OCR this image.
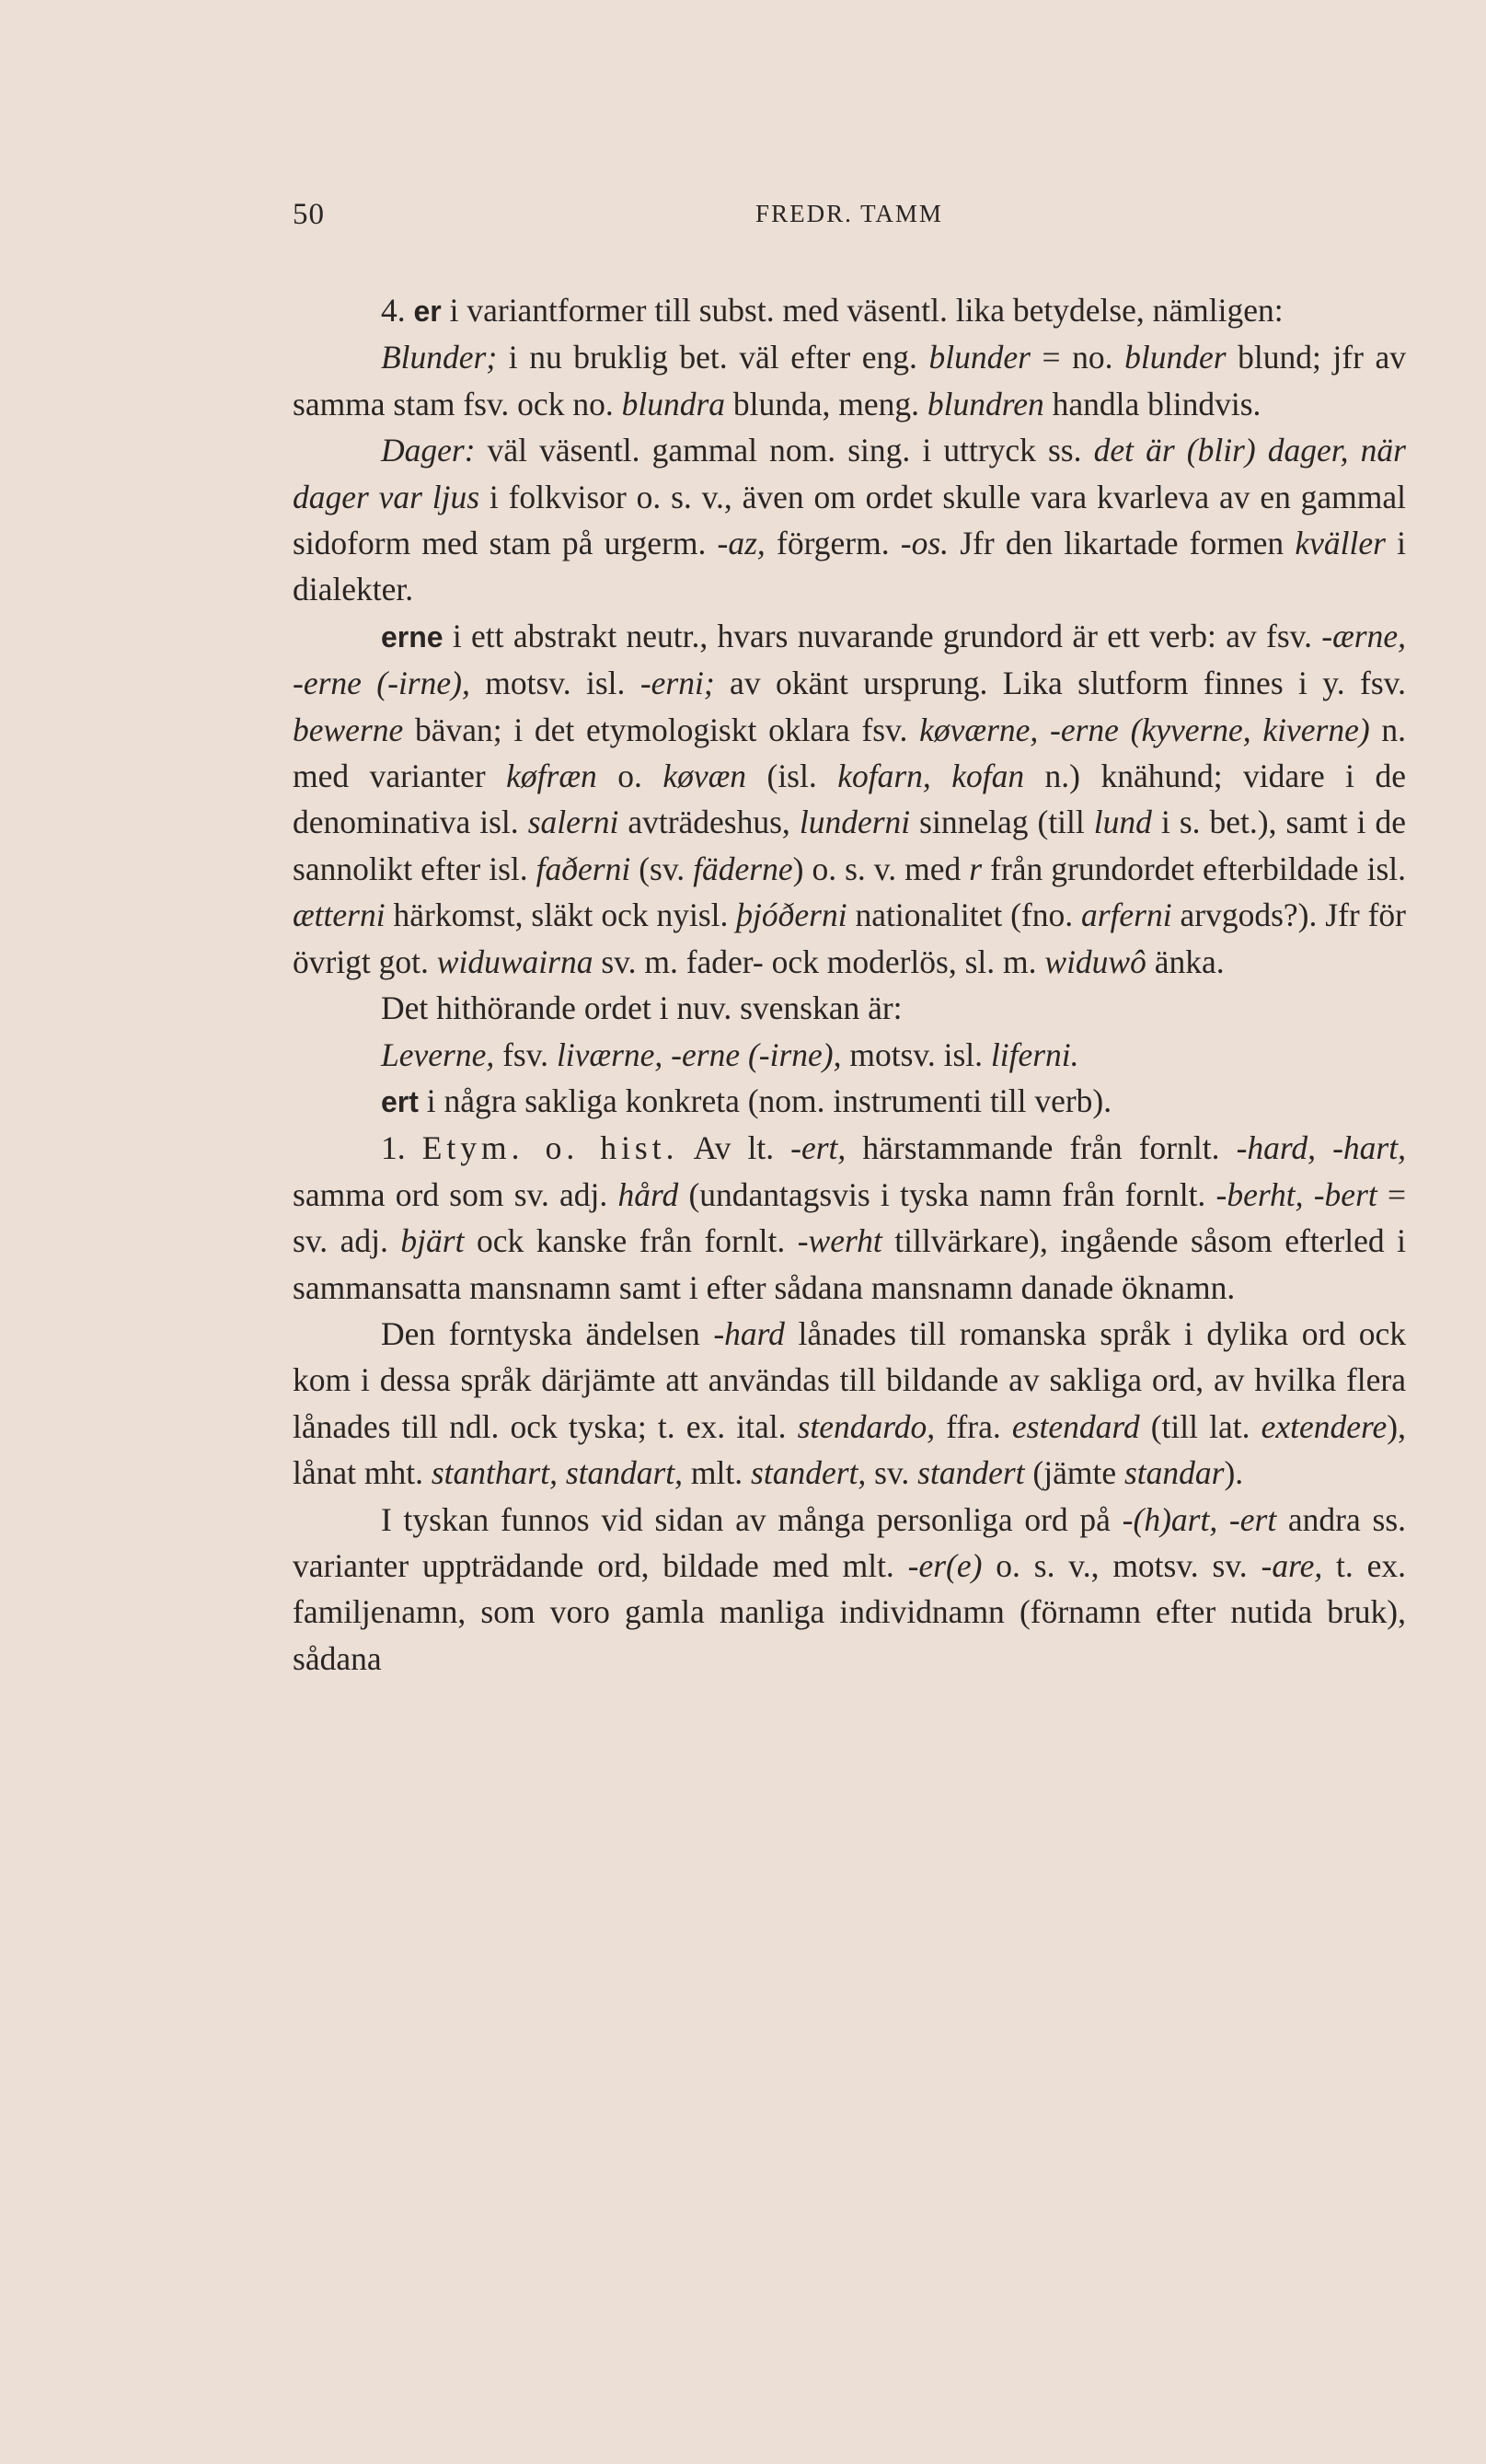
50	FREDR. TAMM

4. er i variantformer till subst. med väsentl. lika betydelse, nämligen:

Blunder; i nu bruklig bet. väl efter eng. blunder = no. blunder blund; jfr av samma stam fsv. ock no. blundra blunda, meng. blundren handla blindvis.

Dager: väl väsentl. gammal nom. sing. i uttryck ss. det är (blir) dager, när dager var ljus i folkvisor o. s. v., även om ordet skulle vara kvarleva av en gammal sidoform med stam på urgerm. -az, förgerm. -os. Jfr den likartade formen kväller i dialekter.

erne i ett abstrakt neutr., hvars nuvarande grundord är ett verb: av fsv. -ærne, -erne (-irne), motsv. isl. -erni; av okänt ursprung. Lika slutform finnes i y. fsv. bewerne bävan; i det etymologiskt oklara fsv. køværne, -erne (kyverne, kiverne) n. med varianter køfræn o. køvæn (isl. kofarn, kofan n.) knähund; vidare i de denominativa isl. salerni avträdeshus, lunderni sinnelag (till lund i s. bet.), samt i de sannolikt efter isl. faðerni (sv. fäderne) o. s. v. med r från grundordet efterbildade isl. ætterni härkomst, släkt ock nyisl. þjóðerni nationalitet (fno. arferni arvgods?). Jfr för övrigt got. widuwairna sv. m. fader- ock moderlös, sl. m. widuwô änka.

Det hithörande ordet i nuv. svenskan är:

Leverne, fsv. liværne, -erne (-irne), motsv. isl. liferni.

ert i några sakliga konkreta (nom. instrumenti till verb).

1. Etym. o. hist. Av lt. -ert, härstammande från fornlt. -hard, -hart, samma ord som sv. adj. hård (undantagsvis i tyska namn från fornlt. -berht, -bert = sv. adj. bjärt ock kanske från fornlt. -werht tillvärkare), ingående såsom efterled i sammansatta mansnamn samt i efter sådana mansnamn danade öknamn.

Den forntyska ändelsen -hard lånades till romanska språk i dylika ord ock kom i dessa språk därjämte att användas till bildande av sakliga ord, av hvilka flera lånades till ndl. ock tyska; t. ex. ital. stendardo, ffra. estendard (till lat. extendere), lånat mht. stanthart, standart, mlt. standert, sv. standert (jämte standar).

I tyskan funnos vid sidan av många personliga ord på -(h)art, -ert andra ss. varianter uppträdande ord, bildade med mlt. -er(e) o. s. v., motsv. sv. -are, t. ex. familjenamn, som voro gamla manliga individnamn (förnamn efter nutida bruk), sådana
